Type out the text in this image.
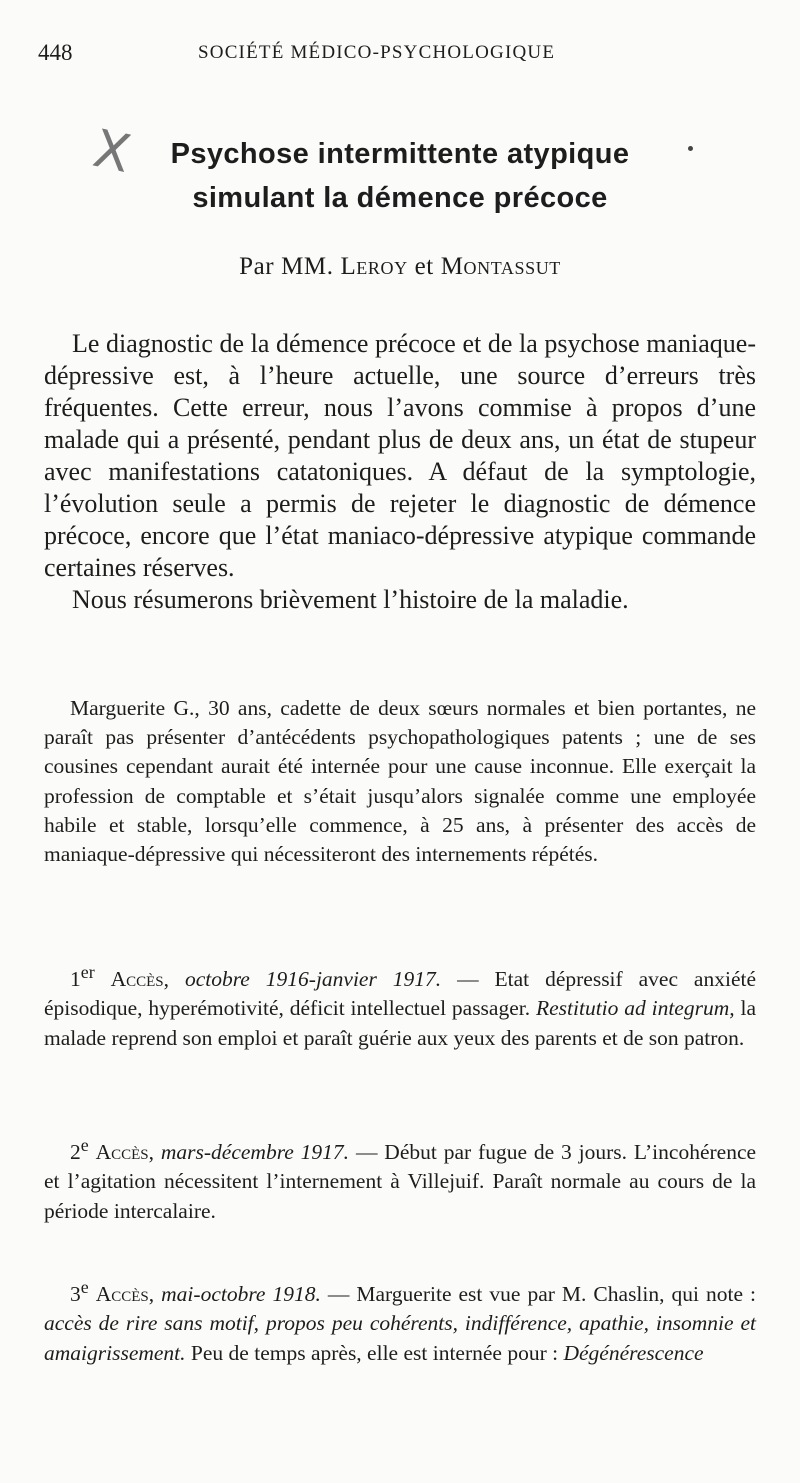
448	SOCIÉTÉ MÉDICO-PSYCHOLOGIQUE
X	Psychose intermittente atypique
simulant la démence précoce
Par MM. Leroy et Montassut

Le diagnostic de la démence précoce et de la psychose maniaque-dépressive est, à l’heure actuelle, une source d’erreurs très fréquentes. Cette erreur, nous l’avons commise à propos d’une malade qui a présenté, pendant plus de deux ans, un état de stupeur avec manifestations catatoniques. A défaut de la symptologie, l’évolution seule a permis de rejeter le diagnostic de démence précoce, encore que l’état maniaco-dépressive atypique commande certaines réserves.

Nous résumerons brièvement l’histoire de la maladie.

Marguerite G., 30 ans, cadette de deux sœurs normales et bien portantes, ne paraît pas présenter d’antécédents psychopathologiques patents ; une de ses cousines cependant aurait été internée pour une cause inconnue. Elle exerçait la profession de comptable et s’était jusqu’alors signalée comme une employée habile et stable, lorsqu’elle commence, à 25 ans, à présenter des accès de maniaque-dépressive qui nécessiteront des internements répétés.

1er Accès, octobre 1916-janvier 1917. — Etat dépressif avec anxiété épisodique, hyperémotivité, déficit intellectuel passager. Restitutio ad integrum, la malade reprend son emploi et paraît guérie aux yeux des parents et de son patron.

2e Accès, mars-décembre 1917. — Début par fugue de 3 jours. L’incohérence et l’agitation nécessitent l’internement à Villejuif. Paraît normale au cours de la période intercalaire.

3e Accès, mai-octobre 1918. — Marguerite est vue par M. Chaslin, qui note : accès de rire sans motif, propos peu cohérents, indifférence, apathie, insomnie et amaigrissement. Peu de temps après, elle est internée pour : Dégénérescence
